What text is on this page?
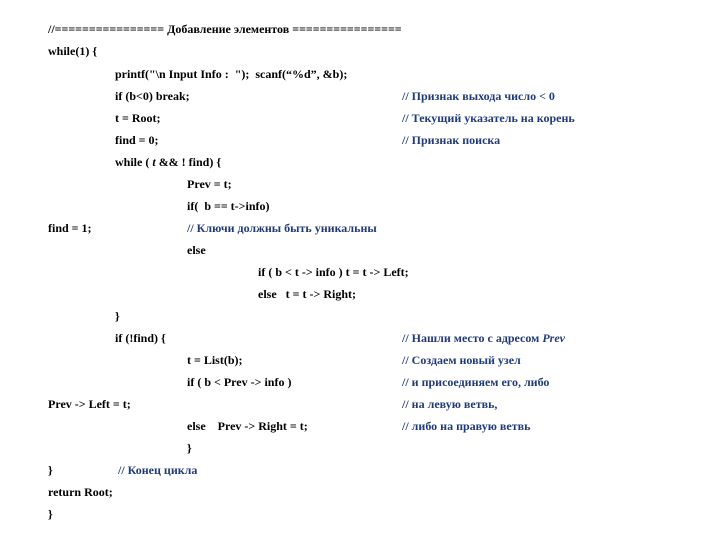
//================ Добавление элементов ================
while(1) {
printf("\n Input Info :  ");  scanf(“%d”, &b);
if (b<0) break;	// Признак выхода число < 0
t = Root;	// Текущий указатель на корень
find = 0;	// Признак поиска
while ( t && ! find) {
Prev = t;
if(  b == t->info)
find = 1;	// Ключи должны быть уникальны
else
if ( b < t -> info ) t = t -> Left;
else   t = t -> Right;
}
if (!find) {	// Нашли место с адресом Prev
t = List(b);	// Создаем новый узел
if ( b < Prev -> info )	// и присоединяем его, либо
Prev -> Left = t;	// на левую ветвь,
else    Prev -> Right = t;	// либо на правую ветвь
}
}	// Конец цикла
return Root;
}
